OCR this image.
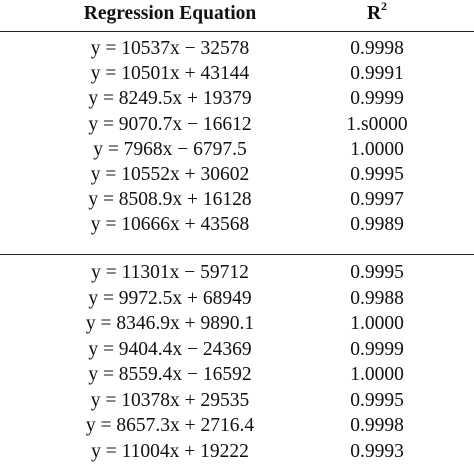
Regression Equation	$R^2$
y = 10537x − 32578	0.9998
y = 10501x + 43144	0.9991
y = 8249.5x + 19379	0.9999
y = 9070.7x − 16612	1.s0000
y = 7968x − 6797.5	1.0000
y = 10552x + 30602	0.9995
y = 8508.9x + 16128	0.9997
y = 10666x + 43568	0.9989
y = 11301x − 59712	0.9995
y = 9972.5x + 68949	0.9988
y = 8346.9x + 9890.1	1.0000
y = 9404.4x − 24369	0.9999
y = 8559.4x − 16592	1.0000
y = 10378x + 29535	0.9995
y = 8657.3x + 2716.4	0.9998
y = 11004x + 19222	0.9993
